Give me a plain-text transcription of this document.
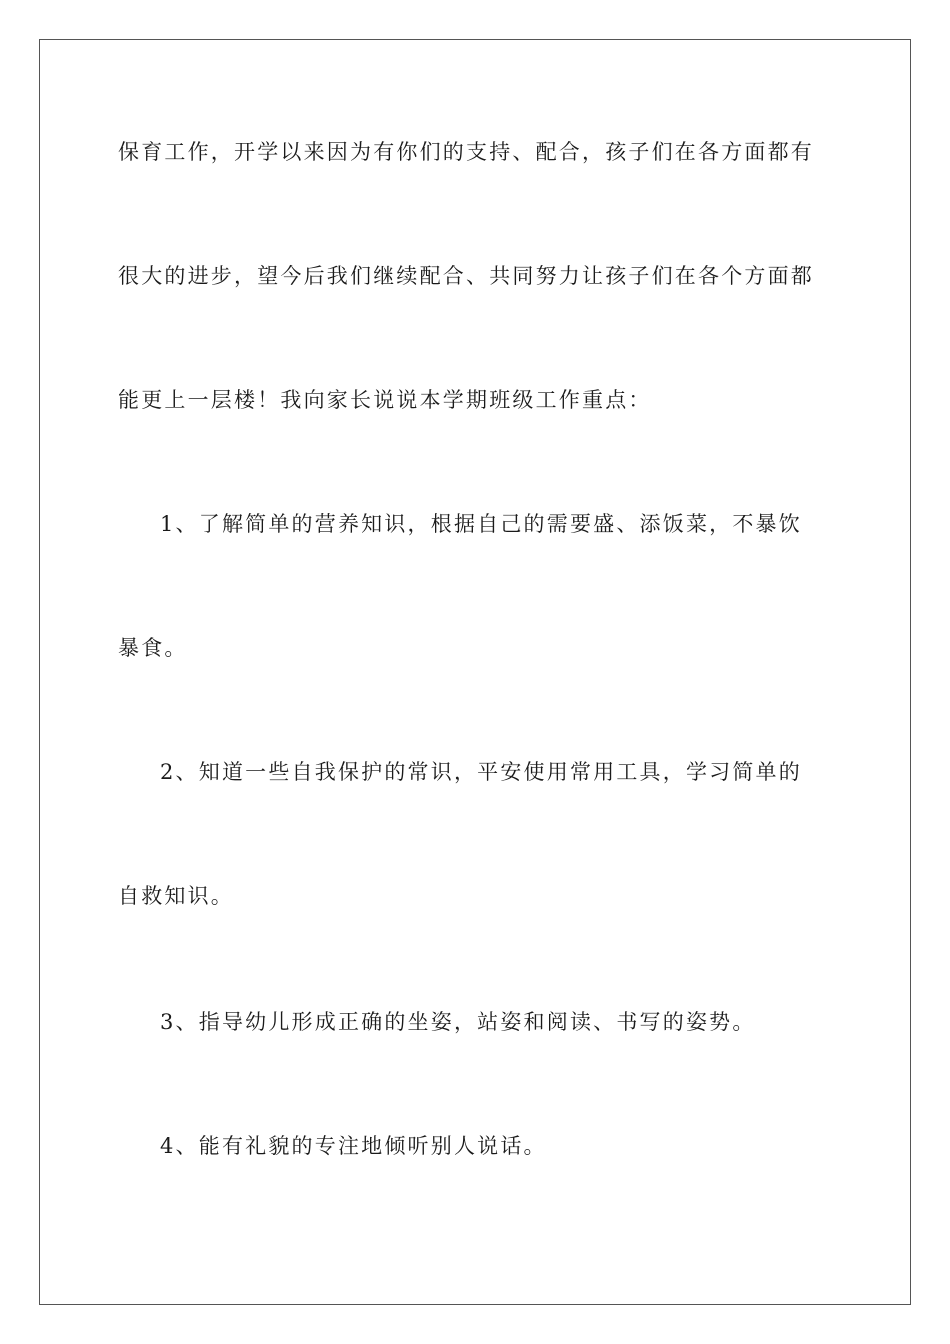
保育工作，开学以来因为有你们的支持、配合，孩子们在各方面都有
很大的进步，望今后我们继续配合、共同努力让孩子们在各个方面都
能更上一层楼！我向家长说说本学期班级工作重点：
1、了解简单的营养知识，根据自己的需要盛、添饭菜，不暴饮
暴食。
2、知道一些自我保护的常识，平安使用常用工具，学习简单的
自救知识。
3、指导幼儿形成正确的坐姿，站姿和阅读、书写的姿势。
4、能有礼貌的专注地倾听别人说话。
